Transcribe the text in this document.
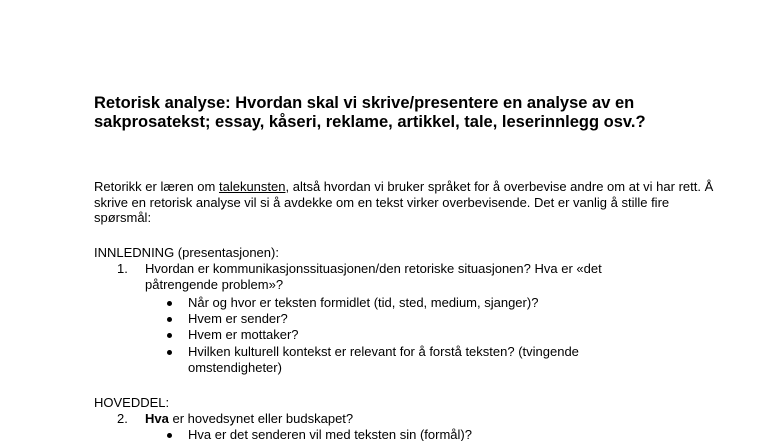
Retorisk analyse: Hvordan skal vi skrive/presentere en analyse av en sakprosatekst; essay, kåseri, reklame, artikkel, tale, leserinnlegg osv.?
Retorikk er læren om talekunsten, altså hvordan vi bruker språket for å overbevise andre om at vi har rett. Å skrive en retorisk analyse vil si å avdekke om en tekst virker overbevisende. Det er vanlig å stille fire spørsmål:
INNLEDNING (presentasjonen):
1.	Hvordan er kommunikasjonssituasjonen/den retoriske situasjonen? Hva er «det påtrengende problem»?
Når og hvor er teksten formidlet (tid, sted, medium, sjanger)?
Hvem er sender?
Hvem er mottaker?
Hvilken kulturell kontekst er relevant for å forstå teksten? (tvingende omstendigheter)
HOVEDDEL:
2.	Hva er hovedsynet eller budskapet?
Hva er det senderen vil med teksten sin (formål)?
